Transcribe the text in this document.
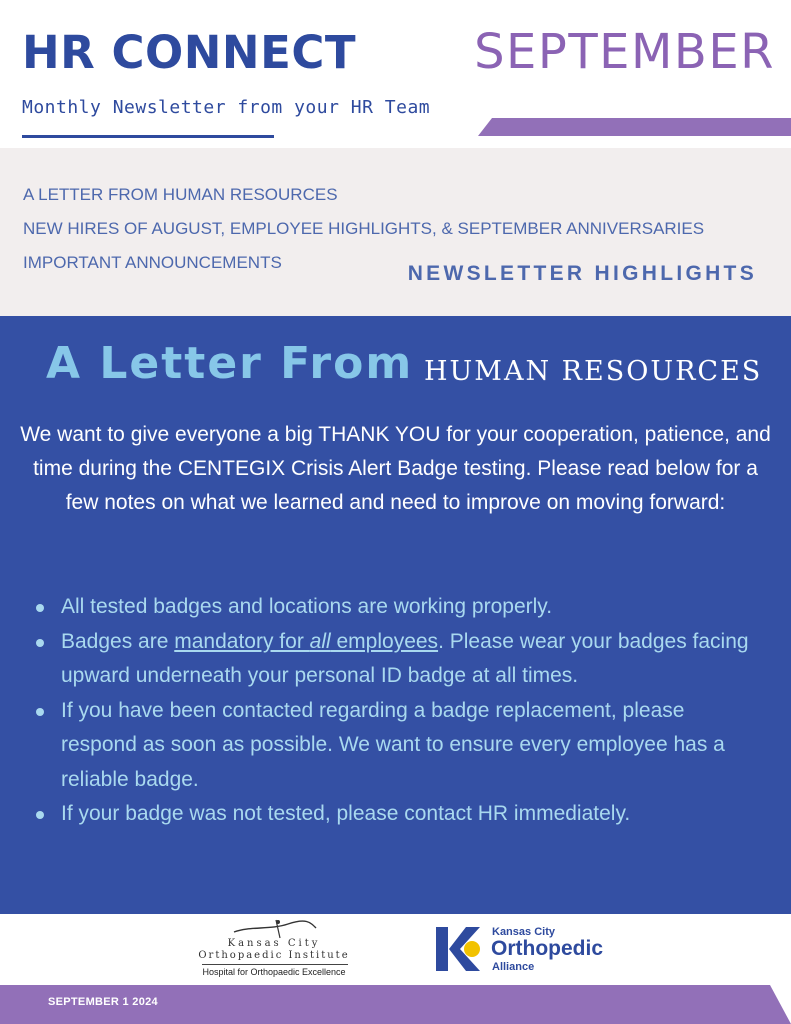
HR CONNECT SEPTEMBER
Monthly Newsletter from your HR Team
A LETTER FROM HUMAN RESOURCES
NEW HIRES OF AUGUST, EMPLOYEE HIGHLIGHTS, & SEPTEMBER ANNIVERSARIES
IMPORTANT ANNOUNCEMENTS	NEWSLETTER HIGHLIGHTS
A Letter From HUMAN RESOURCES

We want to give everyone a big THANK YOU for your cooperation, patience, and time during the CENTEGIX Crisis Alert Badge testing. Please read below for a few notes on what we learned and need to improve on moving forward:

All tested badges and locations are working properly.
Badges are mandatory for all employees. Please wear your badges facing upward underneath your personal ID badge at all times.
If you have been contacted regarding a badge replacement, please respond as soon as possible. We want to ensure every employee has a reliable badge.
If your badge was not tested, please contact HR immediately.
Kansas City
Orthopaedic Institute
Hospital for Orthopaedic Excellence
Kansas City
Orthopedic
Alliance
SEPTEMBER 1 2024
